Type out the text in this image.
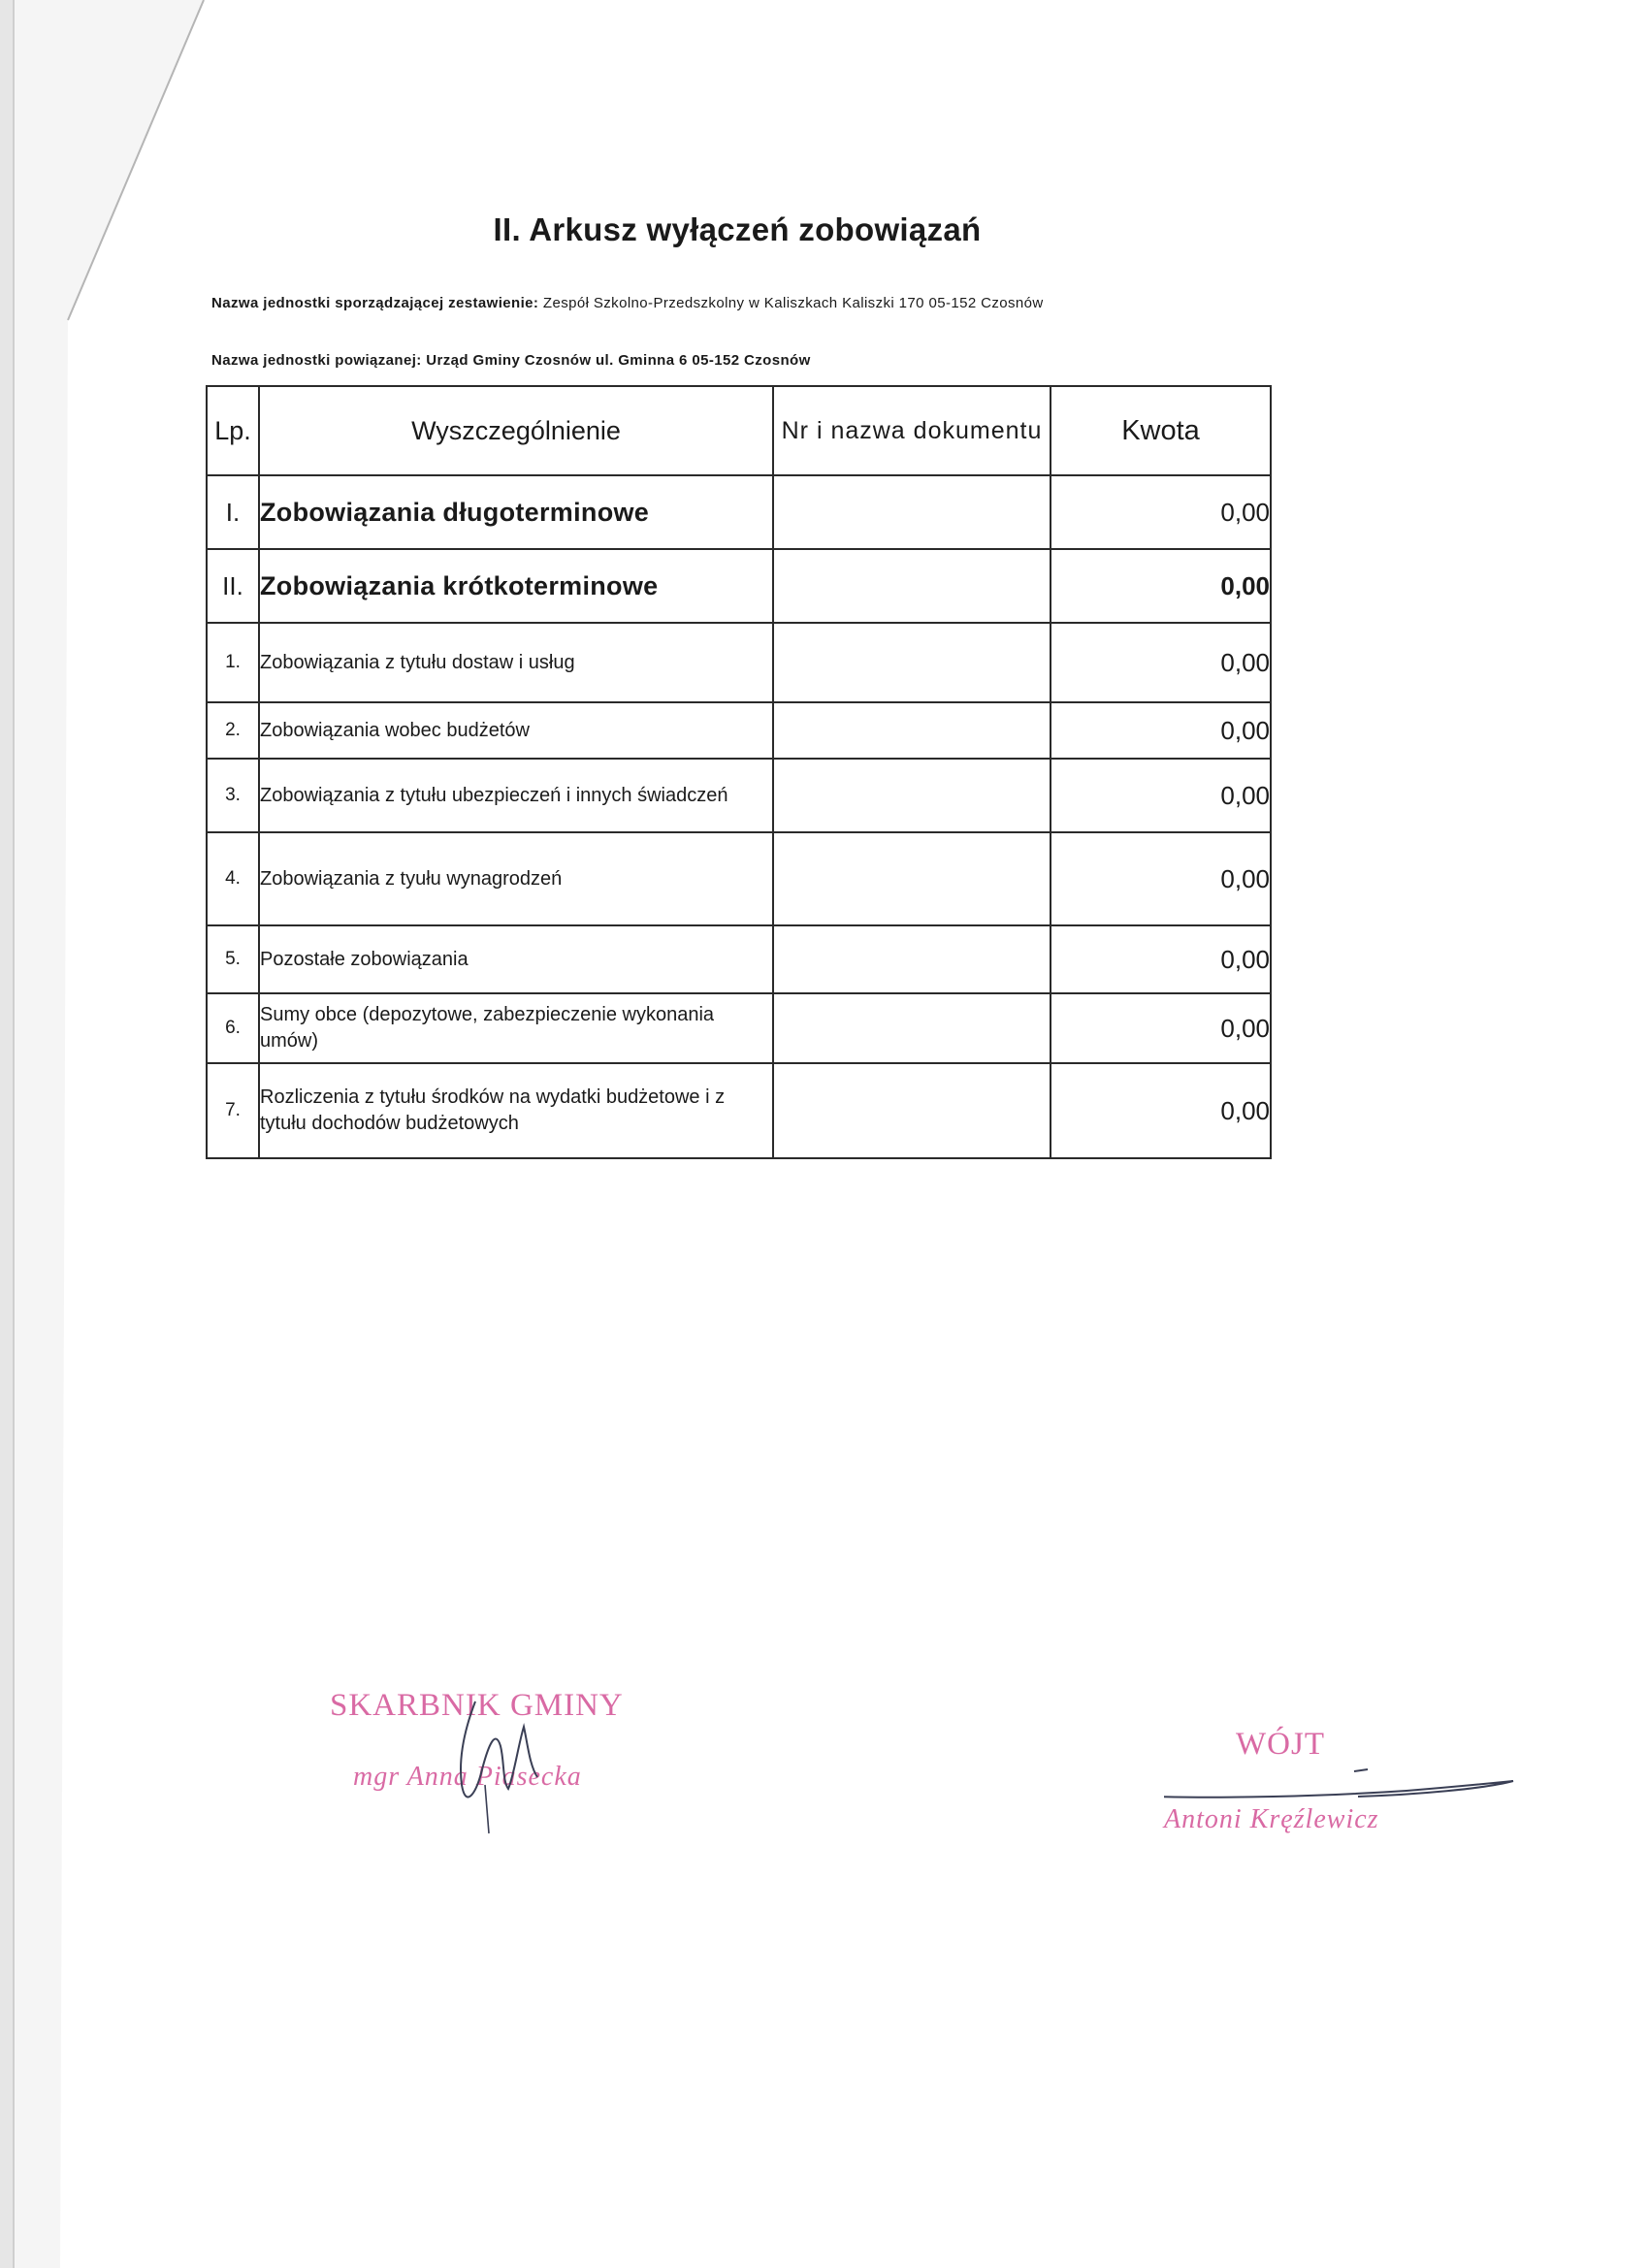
II. Arkusz wyłączeń zobowiązań
Nazwa jednostki sporządzającej zestawienie: Zespół Szkolno-Przedszkolny w Kaliszkach Kaliszki 170 05-152 Czosnów
Nazwa jednostki powiązanej: Urząd Gminy Czosnów ul. Gminna 6 05-152 Czosnów
Lp.	Wyszczególnienie	Nr i nazwa dokumentu	Kwota
I.	Zobowiązania długoterminowe		0,00
II.	Zobowiązania krótkoterminowe		0,00
1.	Zobowiązania z tytułu dostaw i usług		0,00
2.	Zobowiązania wobec budżetów		0,00
3.	Zobowiązania z tytułu ubezpieczeń i innych świadczeń		0,00
4.	Zobowiązania z tyułu wynagrodzeń		0,00
5.	Pozostałe zobowiązania		0,00
6.	Sumy obce (depozytowe, zabezpieczenie wykonania umów)		0,00
7.	Rozliczenia z tytułu środków na wydatki budżetowe i z tytułu dochodów budżetowych		0,00
SKARBNIK GMINY
mgr Anna Piasecka
WÓJT
Antoni Kręźlewicz
